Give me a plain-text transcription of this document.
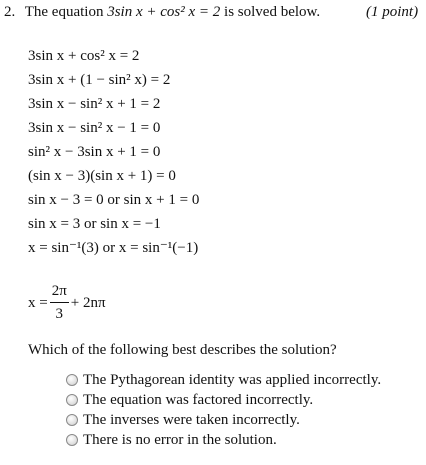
2. The equation 3sin x + cos² x = 2 is solved below.	(1 point)
3sin x + cos² x = 2
3sin x + (1 − sin² x) = 2
3sin x − sin² x + 1 = 2
3sin x − sin² x − 1 = 0
sin² x − 3sin x + 1 = 0
(sin x − 3)(sin x + 1) = 0
sin x − 3 = 0 or sin x + 1 = 0
sin x = 3 or sin x = −1
x = sin⁻¹(3) or x = sin⁻¹(−1)
$x = \frac{2\pi}{3} + 2n\pi$
Which of the following best describes the solution?
The Pythagorean identity was applied incorrectly.
The equation was factored incorrectly.
The inverses were taken incorrectly.
There is no error in the solution.
